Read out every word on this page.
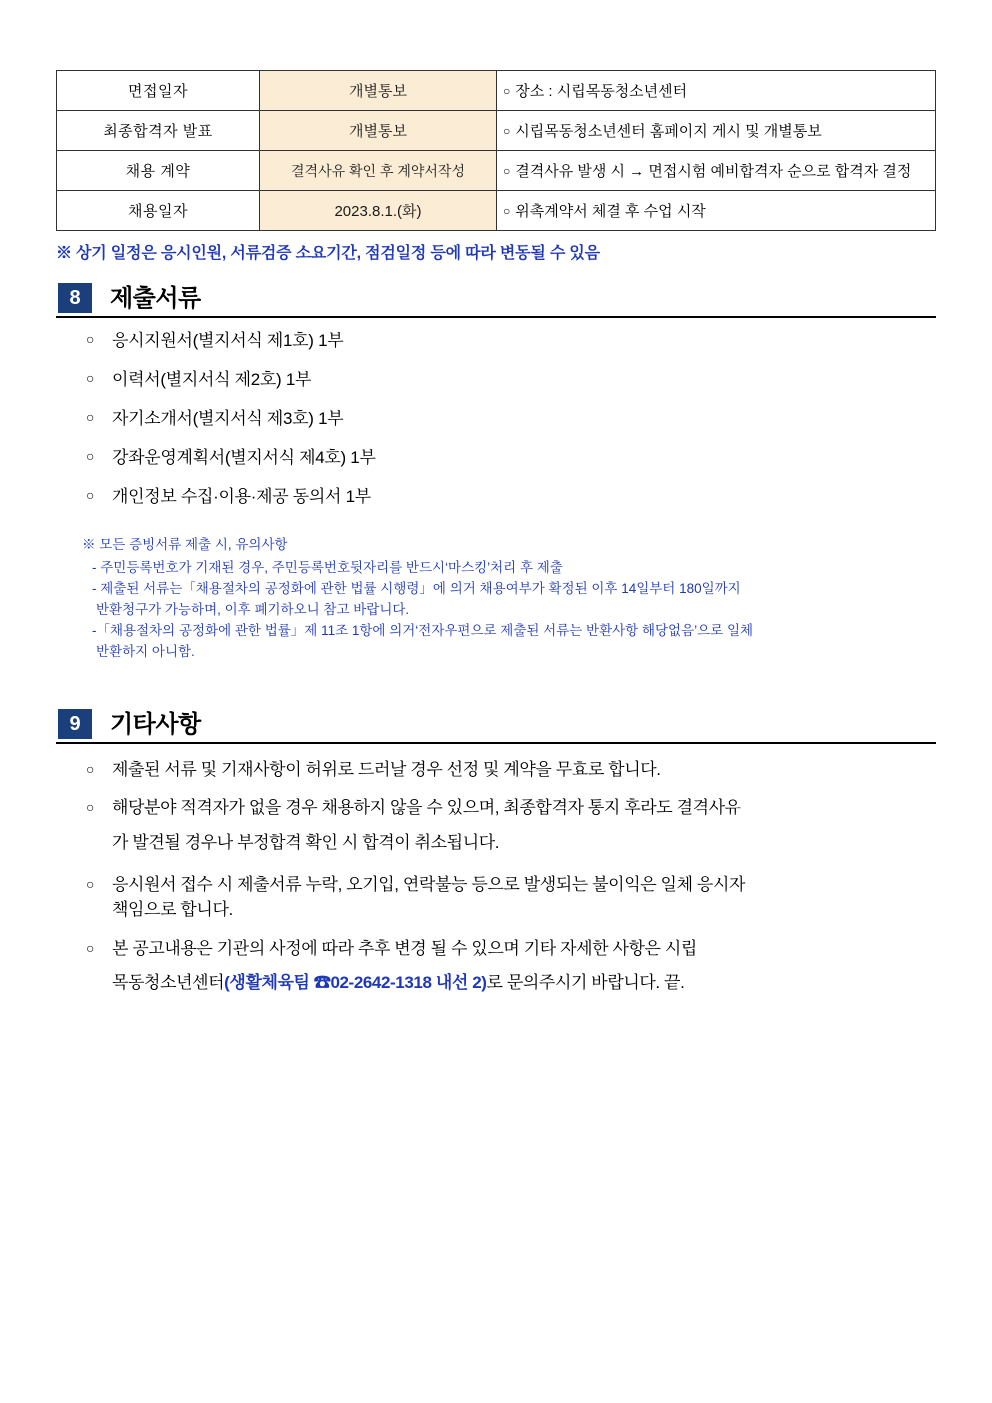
면접일자	개별통보	○ 장소 : 시립목동청소년센터
최종합격자 발표	개별통보	○ 시립목동청소년센터 홈페이지 게시 및 개별통보
채용 계약	결격사유 확인 후 계약서작성	○ 결격사유 발생 시 → 면접시험 예비합격자 순으로 합격자 결정
채용일자	2023.8.1.(화)	○ 위촉계약서 체결 후 수업 시작
※ 상기 일정은 응시인원, 서류검증 소요기간, 점검일정 등에 따라 변동될 수 있음
8	제출서류
○ 응시지원서(별지서식 제1호) 1부
○ 이력서(별지서식 제2호) 1부
○ 자기소개서(별지서식 제3호) 1부
○ 강좌운영계획서(별지서식 제4호) 1부
○ 개인정보 수집·이용·제공 동의서 1부
※ 모든 증빙서류 제출 시, 유의사항
- 주민등록번호가 기재된 경우, 주민등록번호뒷자리를 반드시‘마스킹’처리 후 제출
- 제출된 서류는「채용절차의 공정화에 관한 법률 시행령」에 의거 채용여부가 확정된 이후 14일부터 180일까지
반환청구가 가능하며, 이후 폐기하오니 참고 바랍니다.
-「채용절차의 공정화에 관한 법률」제 11조 1항에 의거‘전자우편으로 제출된 서류는 반환사항 해당없음’으로 일체
반환하지 아니함.
9	기타사항
○ 제출된 서류 및 기재사항이 허위로 드러날 경우 선정 및 계약을 무효로 합니다.
○ 해당분야 적격자가 없을 경우 채용하지 않을 수 있으며, 최종합격자 통지 후라도 결격사유
가 발견될 경우나 부정합격 확인 시 합격이 취소됩니다.
○ 응시원서 접수 시 제출서류 누락, 오기입, 연락불능 등으로 발생되는 불이익은 일체 응시자
책임으로 합니다.
○ 본 공고내용은 기관의 사정에 따라 추후 변경 될 수 있으며 기타 자세한 사항은 시립
목동청소년센터(생활체육팀 ☎02-2642-1318 내선 2)로 문의주시기 바랍니다. 끝.
